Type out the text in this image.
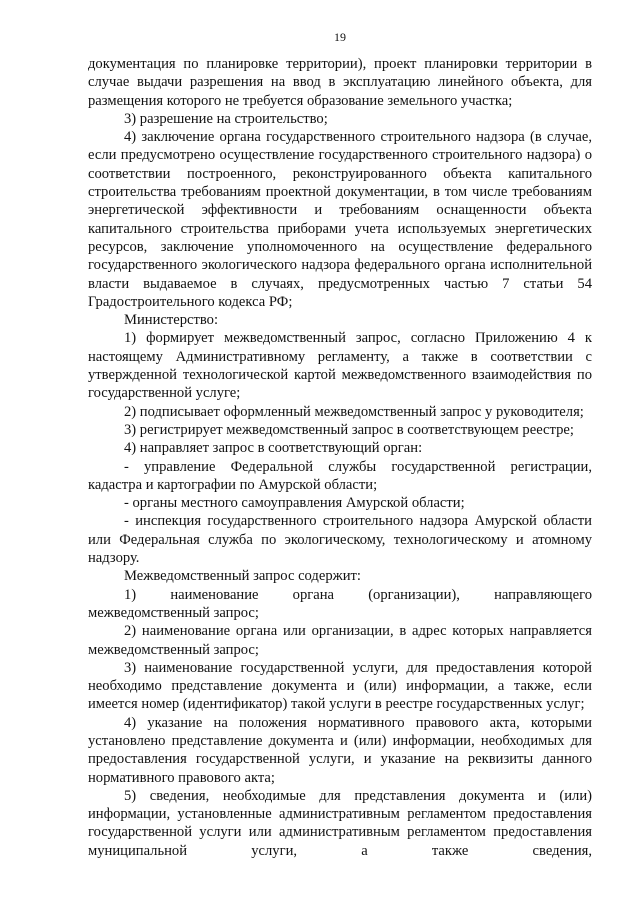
19

документация по планировке территории), проект планировки территории в случае выдачи разрешения на ввод в эксплуатацию линейного объекта, для размещения которого не требуется образование земельного участка;

3) разрешение на строительство;

4) заключение органа государственного строительного надзора (в случае, если предусмотрено осуществление государственного строительного надзора) о соответствии построенного, реконструированного объекта капитального строительства требованиям проектной документации, в том числе требованиям энергетической эффективности и требованиям оснащенности объекта капитального строительства приборами учета используемых энергетических ресурсов, заключение уполномоченного на осуществление федерального государственного экологического надзора федерального органа исполнительной власти выдаваемое в случаях, предусмотренных частью 7 статьи 54 Градостроительного кодекса РФ;

Министерство:

1) формирует межведомственный запрос, согласно Приложению 4 к настоящему Административному регламенту, а также в соответствии с утвержденной технологической картой межведомственного взаимодействия по государственной услуге;

2) подписывает оформленный межведомственный запрос у руководителя;

3) регистрирует межведомственный запрос в соответствующем реестре;

4) направляет запрос в соответствующий орган:

- управление Федеральной службы государственной регистрации, кадастра и картографии по Амурской области;

- органы местного самоуправления Амурской области;

- инспекция государственного строительного надзора Амурской области или Федеральная служба по экологическому, технологическому и атомному надзору.

Межведомственный запрос содержит:

1) наименование органа (организации), направляющего межведомственный запрос;

2) наименование органа или организации, в адрес которых направляется межведомственный запрос;

3) наименование государственной услуги, для предоставления которой необходимо представление документа и (или) информации, а также, если имеется номер (идентификатор) такой услуги в реестре государственных услуг;

4) указание на положения нормативного правового акта, которыми установлено представление документа и (или) информации, необходимых для предоставления государственной услуги, и указание на реквизиты данного нормативного правового акта;

5) сведения, необходимые для представления документа и (или) информации, установленные административным регламентом предоставления государственной услуги или административным регламентом предоставления муниципальной услуги, а также сведения,
